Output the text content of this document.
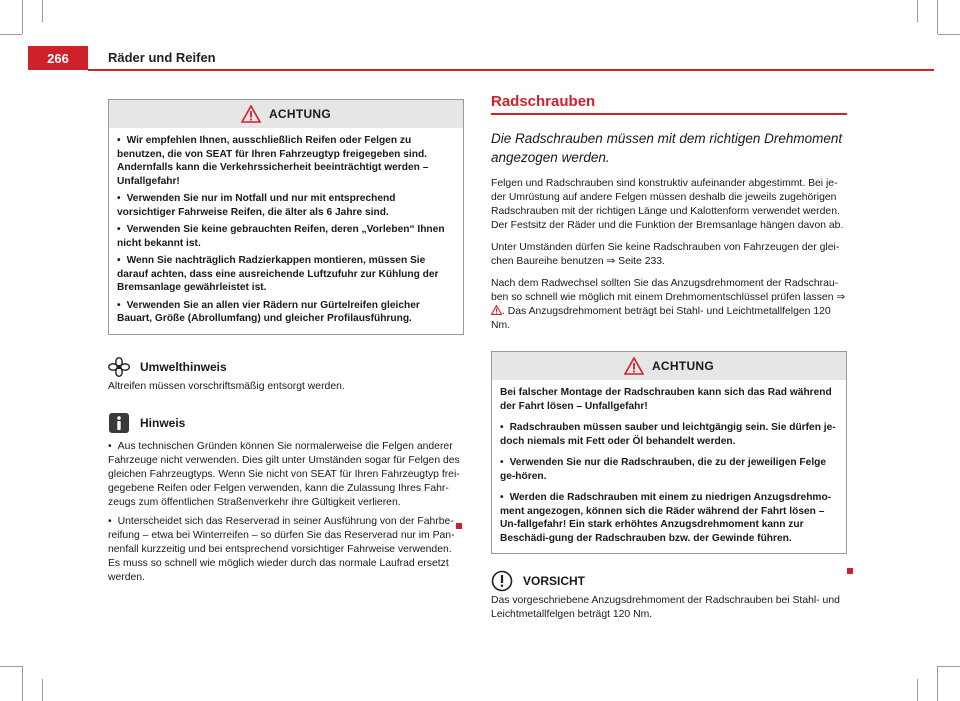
266	Räder und Reifen
ACHTUNG

• Wir empfehlen Ihnen, ausschließlich Reifen oder Felgen zu benutzen, die von SEAT für Ihren Fahrzeugtyp freigegeben sind. Andernfalls kann die Verkehrssicherheit beeinträchtigt werden – Unfallgefahr!

• Verwenden Sie nur im Notfall und nur mit entsprechend vorsichtiger Fahrweise Reifen, die älter als 6 Jahre sind.

• Verwenden Sie keine gebrauchten Reifen, deren „Vorleben“ Ihnen nicht bekannt ist.

• Wenn Sie nachträglich Radzierkappen montieren, müssen Sie darauf achten, dass eine ausreichende Luftzufuhr zur Kühlung der Bremsanlage gewährleistet ist.

• Verwenden Sie an allen vier Rädern nur Gürtelreifen gleicher Bauart, Größe (Abrollumfang) und gleicher Profilausführung.

Umwelthinweis

Altreifen müssen vorschriftsmäßig entsorgt werden.

Hinweis

• Aus technischen Gründen können Sie normalerweise die Felgen anderer Fahrzeuge nicht verwenden. Dies gilt unter Umständen sogar für Felgen des gleichen Fahrzeugtyps. Wenn Sie nicht von SEAT für Ihren Fahrzeugtyp frei-gegebene Reifen oder Felgen verwenden, kann die Zulassung Ihres Fahr-zeugs zum öffentlichen Straßenverkehr ihre Gültigkeit verlieren.

• Unterscheidet sich das Reserverad in seiner Ausführung von der Fahrbe-reifung – etwa bei Winterreifen – so dürfen Sie das Reserverad nur im Pan-nenfall kurzzeitig und bei entsprechend vorsichtiger Fahrweise verwenden. Es muss so schnell wie möglich wieder durch das normale Laufrad ersetzt werden.

Radschrauben
Die Radschrauben müssen mit dem richtigen Drehmoment angezogen werden.

Felgen und Radschrauben sind konstruktiv aufeinander abgestimmt. Bei je-der Umrüstung auf andere Felgen müssen deshalb die jeweils zugehörigen Radschrauben mit der richtigen Länge und Kalottenform verwendet werden. Der Festsitz der Räder und die Funktion der Bremsanlage hängen davon ab.

Unter Umständen dürfen Sie keine Radschrauben von Fahrzeugen der glei-chen Baureihe benutzen ⇒ Seite 233.

Nach dem Radwechsel sollten Sie das Anzugsdrehmoment der Radschrau-ben so schnell wie möglich mit einem Drehmomentschlüssel prüfen lassen ⇒ . Das Anzugsdrehmoment beträgt bei Stahl- und Leichtmetallfelgen 120 Nm.

ACHTUNG

Bei falscher Montage der Radschrauben kann sich das Rad während der Fahrt lösen – Unfallgefahr!

• Radschrauben müssen sauber und leichtgängig sein. Sie dürfen je-doch niemals mit Fett oder Öl behandelt werden.

• Verwenden Sie nur die Radschrauben, die zu der jeweiligen Felge ge-hören.

• Werden die Radschrauben mit einem zu niedrigen Anzugsdrehmo-ment angezogen, können sich die Räder während der Fahrt lösen – Un-fallgefahr! Ein stark erhöhtes Anzugsdrehmoment kann zur Beschädi-gung der Radschrauben bzw. der Gewinde führen.

VORSICHT

Das vorgeschriebene Anzugsdrehmoment der Radschrauben bei Stahl- und Leichtmetallfelgen beträgt 120 Nm.
